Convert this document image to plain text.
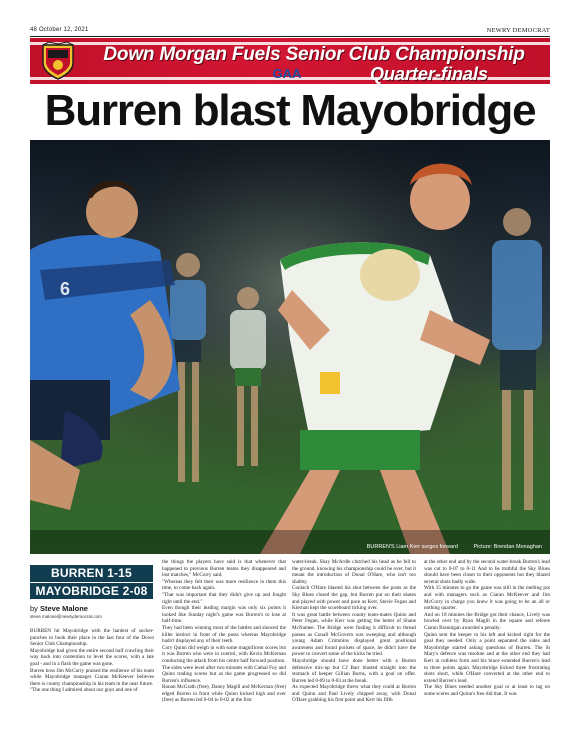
48 October 12, 2021	NEWRY DEMOCRAT
Down Morgan Fuels Senior Club Championship
GAA	Quarter-finals
Burren blast Mayobridge
6
BURREN'S Liam Kerr surges forward	Picture: Brendan Monaghan
BURREN 1-15
MAYOBRIDGE 2-08
by Steve Malone
steve.malone@newrydemocrat.com

BURREN hit Mayobridge with the hardest of sucker-punches to book their place in the last four of the Down Senior Club Championship.

Mayobridge had given the entire second half crawling their way back into contention to level the scores, with a late goal - and in a flash the game was gone.

Burren boss Jim McCorry praised the resilience of his team while Mayobridge manager Ciaran McKeever believes there is county championship in his team in the near future.

"The one thing I admired about our guys and one of

the things the players have said is that whenever that happened to previous Burren teams they disappeared and lost matches," McCorry said.

"Whereas they felt their was more resilience in them this time, to come back again.

"That was important that they didn't give up and fought right until the end."

Even though their leading margin was only six points it looked like Sunday night's game was Burren's to lose at half-time.

They had been winning most of the battles and showed the killer instinct in front of the posts whereas Mayobridge hadn't displayed any of their teeth.

Cory Quinn did weigh in with some magnificent scores but it was Burren who were in control, with Kevin McKernan conducting the attack from his centre half forward position.

The sides were level after two minutes with Cathal Foy and Quinn trading scores but as the game progressed so did Burren's influence.

Ronan McGrath (free), Danny Magill and McKernan (free) edged Burren in front while Quinn kicked high and over (free) as Burren led 0-04 to 0-02 at the first

water-break. Shay McArdle clutched his head as he fell to the ground, knowing his championship could be over, but it meant the introduction of Donal O'Hare, who isn't too shabby.

Conlach O'Hare blasted his shot between the posts as the Sky Blues closed the gap, but Burren put on their skates and played with power and pace as Kerr, Stevie Fegan and Kiernan kept the scoreboard ticking over.

It was great battle between county team-mates Quinn and Peter Fegan, while Kerr was getting the better of Shane McNamee. The Bridge were finding it difficult to thread passes as Conall McGovern was sweeping and although young Adam Crimmins displayed great positional awareness and found pockets of space, he didn't have the power to convert some of the kicks he tried.

Mayobridge should have done better with a Burren defensive mix-up but CJ Barr blasted straight into the stomach of keeper Gillian Burns, with a goal on offer. Burren led 0-09 to 0-03 at the break.

As expected Mayobridge threw what they could at Burren and Quinn and Paul Lively chipped away, with Donal O'Hare grabbing his first point and Kerr his fifth

at the other end and by the second water-break Burren's lead was cut to 0-07 to 0-11 And to be truthful the Sky Blues should have been closer to their opponents but they blazed several shots badly wide.

With 15 minutes to go the game was still in the melting pot and with managers such as Ciaran McKeever and Jim McCorry in charge you knew it was going to be an all or nothing quarter.

And on 18 minutes the Bridge got their chance, Lively was bowled over by Ryan Magill in the square and referee Ciaran Brannigan awarded a penalty.

Quinn sent the keeper to his left and kicked right for the goal they needed. Only a point separated the sides and Mayobridge started asking questions of Burren. The St Mary's defence was resolute and at the other end they had Kerr in ruthless form and his brace extended Burren's lead to three points again. Mayobridge kicked three frustrating shots short, while O'Hare converted at the other end to extend Burren's lead.

The Sky Blues needed another goal or at least to tag on some scores and Quinn's free did that. It was
